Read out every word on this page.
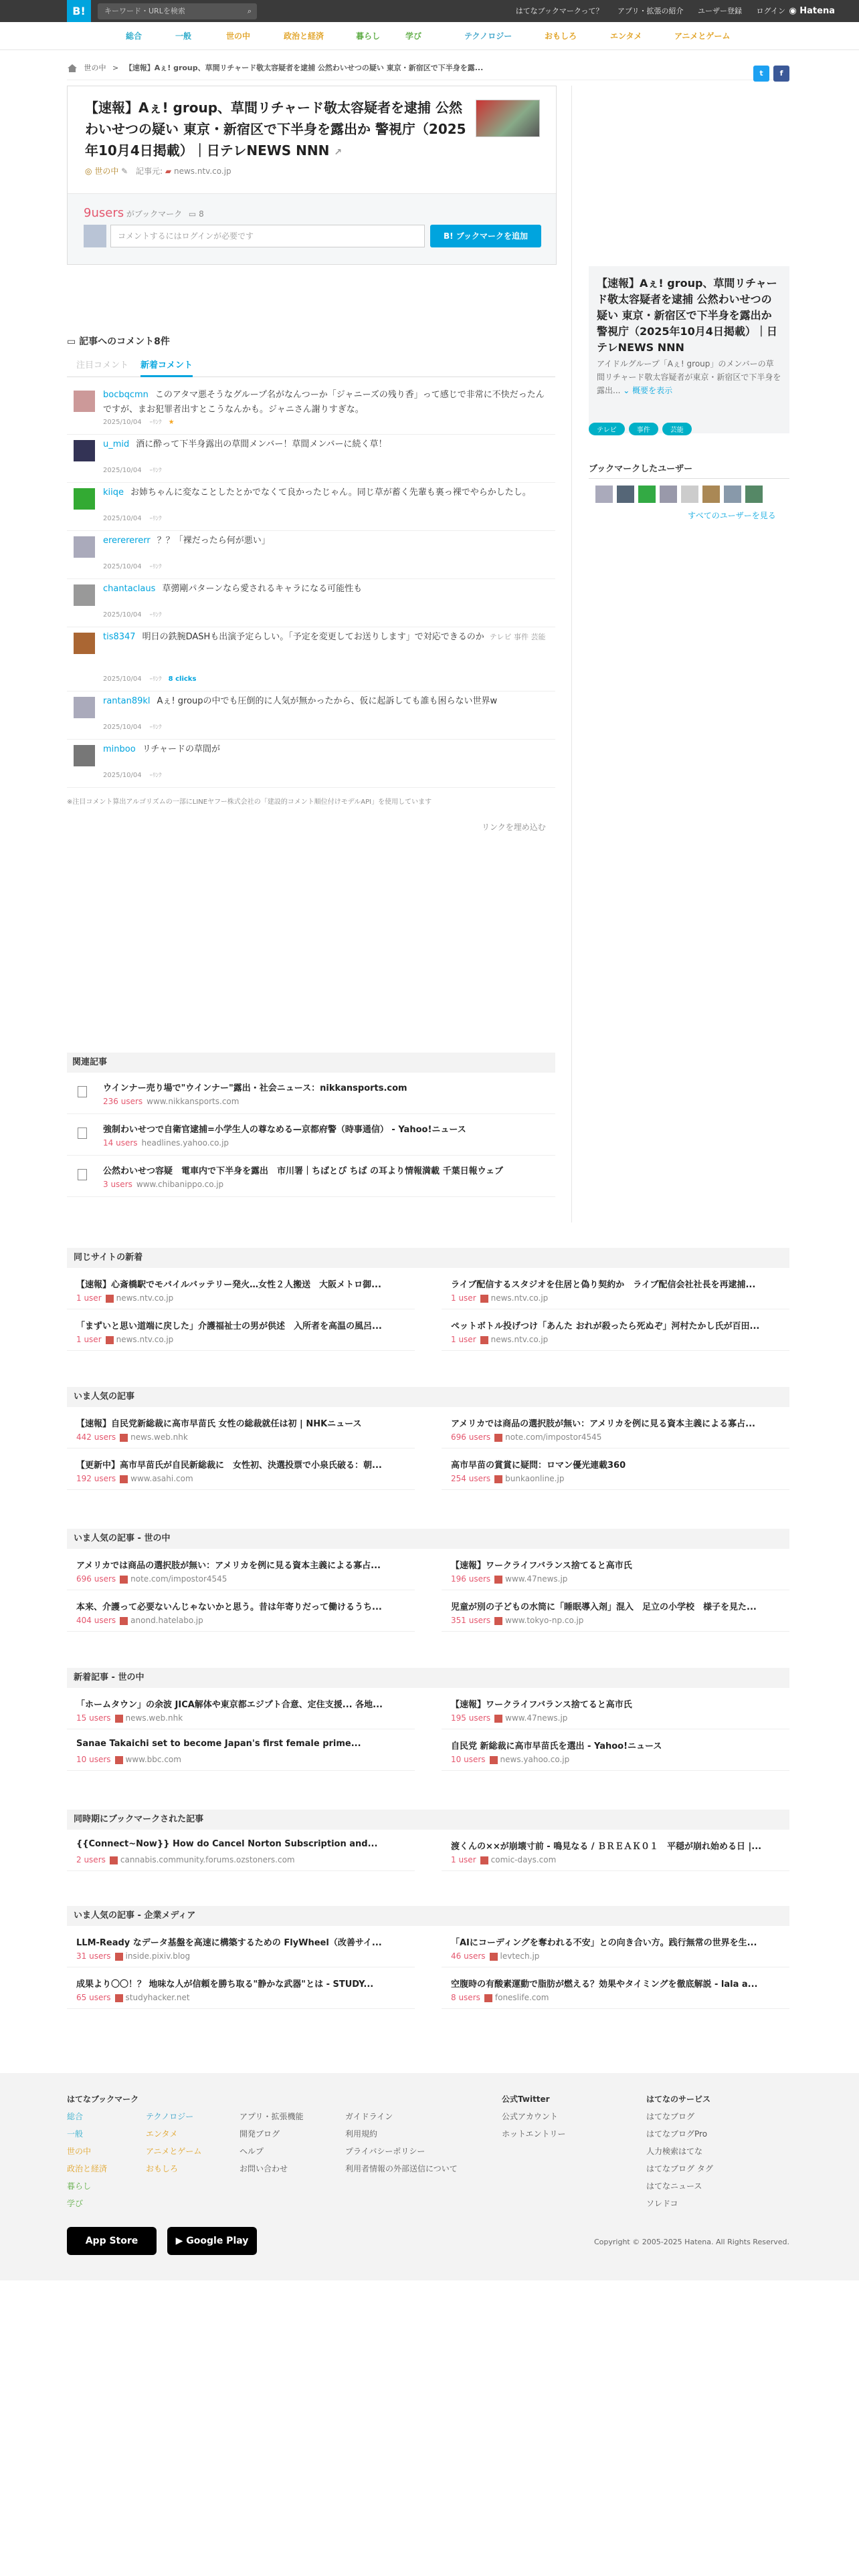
B!	キーワード・URLを検索	⌕	はてなブックマークって？ アプリ・拡張の紹介 ユーザー登録 ログイン ◉ Hatena
総合	一般	世の中	政治と経済	暮らし	学び	テクノロジー	おもしろ	エンタメ	アニメとゲーム
世の中 > 【速報】Aぇ! group、草間リチャード敬太容疑者を逮捕 公然わいせつの疑い 東京・新宿区で下半身を露...
t f
【速報】Aぇ! group、草間リチャード敬太容疑者を逮捕 公然わいせつの疑い 東京・新宿区で下半身を露出か 警視庁（2025年10月4日掲載）｜日テレNEWS NNN ↗
◎ 世の中 ✎ 記事元: ▰ news.ntv.co.jp
9users がブックマーク ▭ 8
コメントするにはログインが必要です	B! ブックマークを追加
▭ 記事へのコメント8件
注目コメント 新着コメント
bocbqcmn このアタマ悪そうなグループ名がなんつーか「ジャニーズの残り香」って感じで非常に不快だったんですが、まお犯罪者出すとこうなんかも。ジャニさん謝りすぎな。
2025/10/04 ｰﾘﾝｸ ★
u_mid 酒に酔って下半身露出の草間メンバー！草間メンバーに続く草！
2025/10/04 ｰﾘﾝｸ
kiiqe お姉ちゃんに変なことしたとかでなくて良かったじゃん。同じ草が蓄く先輩も裏っ裸でやらかしたし。
2025/10/04 ｰﾘﾝｸ
erererererr ？？「裸だったら何が悪い」
2025/10/04 ｰﾘﾝｸ
chantaclaus 草彅剛パターンなら愛されるキャラになる可能性も
2025/10/04 ｰﾘﾝｸ
tis8347 明日の鉄腕DASHも出演予定らしい。「予定を変更してお送りします」で対応できるのか テレビ 事件 芸能
2025/10/04 ｰﾘﾝｸ 8 clicks
rantan89kl Aぇ! groupの中でも圧倒的に人気が無かったから、仮に起訴しても誰も困らない世界w
2025/10/04 ｰﾘﾝｸ
minboo リチャードの草間が
2025/10/04 ｰﾘﾝｸ
※注目コメント算出アルゴリズムの一部にLINEヤフー株式会社の「建設的コメント順位付けモデルAPI」を使用しています
リンクを埋め込む
関連記事
ウインナー売り場で"ウインナー"露出・社会ニュース：nikkansports.com
236 users www.nikkansports.com
強制わいせつで自衛官逮捕=小学生人の尊なめる—京都府警（時事通信） - Yahoo!ニュース
14 users headlines.yahoo.co.jp
公然わいせつ容疑　電車内で下半身を露出　市川署｜ちばとぴ ちば の耳より情報満載 千葉日報ウェブ
3 users www.chibanippo.co.jp
【速報】Aぇ! group、草間リチャード敬太容疑者を逮捕 公然わいせつの疑い 東京・新宿区で下半身を露出か 警視庁（2025年10月4日掲載）｜日テレNEWS NNN
アイドルグループ「Aぇ! group」のメンバーの草間リチャード敬太容疑者が東京・新宿区で下半身を露出... ⌄ 概要を表示
テレビ	事件	芸能
ブックマークしたユーザー
すべてのユーザーを見る
同じサイトの新着
【速報】心斎橋駅でモバイルバッテリー発火…女性２人搬送　大阪メトロ御...
1 user news.ntv.co.jp
ライブ配信するスタジオを住居と偽り契約か　ライブ配信会社社長を再逮捕...
1 user news.ntv.co.jp
「まずいと思い道端に戻した」介護福祉士の男が供述　入所者を高温の風呂...
1 user news.ntv.co.jp
ペットボトル投げつけ「あんた おれが殺ったら死ぬぞ」河村たかし氏が百田...
1 user news.ntv.co.jp
いま人気の記事
【速報】自民党新総裁に高市早苗氏 女性の総裁就任は初 | NHKニュース
442 users news.web.nhk
アメリカでは商品の選択肢が無い：アメリカを例に見る資本主義による寡占...
696 users note.com/impostor4545
【更新中】高市早苗氏が自民新総裁に　女性初、決選投票で小泉氏破る：朝...
192 users www.asahi.com
高市早苗の賞賞に疑問：ロマン優光連載360
254 users bunkaonline.jp
いま人気の記事 - 世の中
アメリカでは商品の選択肢が無い：アメリカを例に見る資本主義による寡占...
696 users note.com/impostor4545
【速報】ワークライフバランス捨てると高市氏
196 users www.47news.jp
本来、介護って必要ないんじゃないかと思う。昔は年寄りだって働けるうち...
404 users anond.hatelabo.jp
児童が別の子どもの水筒に「睡眠導入剤」混入　足立の小学校　様子を見た...
351 users www.tokyo-np.co.jp
新着記事 - 世の中
「ホームタウン」の余波 JICA解体や東京都エジプト合意、定住支援... 各地...
15 users news.web.nhk
【速報】ワークライフバランス捨てると高市氏
195 users www.47news.jp
Sanae Takaichi set to become Japan's first female prime...
10 users www.bbc.com
自民党 新総裁に高市早苗氏を選出 - Yahoo!ニュース
10 users news.yahoo.co.jp
同時期にブックマークされた記事
{{Connect~Now}} How do Cancel Norton Subscription and...
2 users cannabis.community.forums.ozstoners.com
渡くんの××が崩壊寸前 - 鳴見なる / ＢＲＥＡＫ０１　平穏が崩れ始める日 |...
1 user comic-days.com
いま人気の記事 - 企業メディア
LLM-Ready なデータ基盤を高速に構築するための FlyWheel（改善サイ...
31 users inside.pixiv.blog
「AIにコーディングを奪われる不安」との向き合い方。践行無常の世界を生...
46 users levtech.jp
成果より〇〇！？ 地味な人が信頼を勝ち取る"静かな武器"とは - STUDY...
65 users studyhacker.net
空腹時の有酸素運動で脂肪が燃える？効果やタイミングを徹底解説 - lala a...
8 users foneslife.com
はてなブックマーク
総合
一般
世の中
政治と経済
暮らし
学び
テクノロジー
エンタメ
アニメとゲーム
おもしろ
アプリ・拡張機能
開発ブログ
ヘルプ
お問い合わせ
ガイドライン
利用規約
プライバシーポリシー
利用者情報の外部送信について
公式Twitter
公式アカウント
ホットエントリー
はてなのサービス
はてなブログ
はてなブログPro
人力検索はてな
はてなブログ タグ
はてなニュース
ソレドコ
App Store	▶ Google Play	Copyright © 2005-2025 Hatena. All Rights Reserved.
